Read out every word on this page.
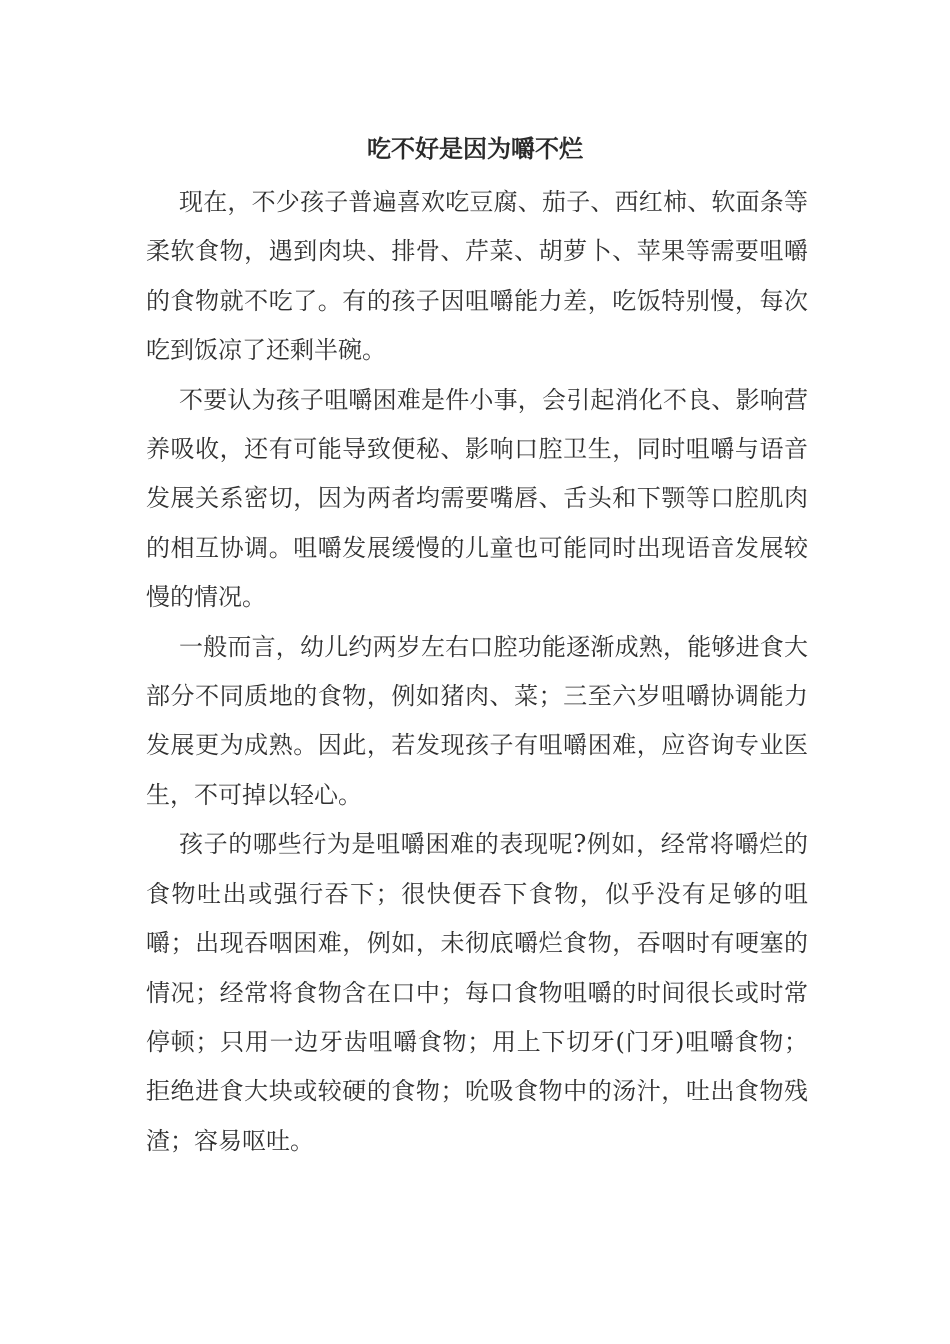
吃不好是因为嚼不烂

现在，不少孩子普遍喜欢吃豆腐、茄子、西红柿、软面条等柔软食物，遇到肉块、排骨、芹菜、胡萝卜、苹果等需要咀嚼的食物就不吃了。有的孩子因咀嚼能力差，吃饭特别慢，每次吃到饭凉了还剩半碗。

不要认为孩子咀嚼困难是件小事，会引起消化不良、影响营养吸收，还有可能导致便秘、影响口腔卫生，同时咀嚼与语音发展关系密切，因为两者均需要嘴唇、舌头和下颚等口腔肌肉的相互协调。咀嚼发展缓慢的儿童也可能同时出现语音发展较慢的情况。

一般而言，幼儿约两岁左右口腔功能逐渐成熟，能够进食大部分不同质地的食物，例如猪肉、菜；三至六岁咀嚼协调能力发展更为成熟。因此，若发现孩子有咀嚼困难，应咨询专业医生，不可掉以轻心。

孩子的哪些行为是咀嚼困难的表现呢?例如，经常将嚼烂的食物吐出或强行吞下；很快便吞下食物，似乎没有足够的咀嚼；出现吞咽困难，例如，未彻底嚼烂食物，吞咽时有哽塞的情况；经常将食物含在口中；每口食物咀嚼的时间很长或时常停顿；只用一边牙齿咀嚼食物；用上下切牙(门牙)咀嚼食物；拒绝进食大块或较硬的食物；吮吸食物中的汤汁，吐出食物残渣；容易呕吐。
